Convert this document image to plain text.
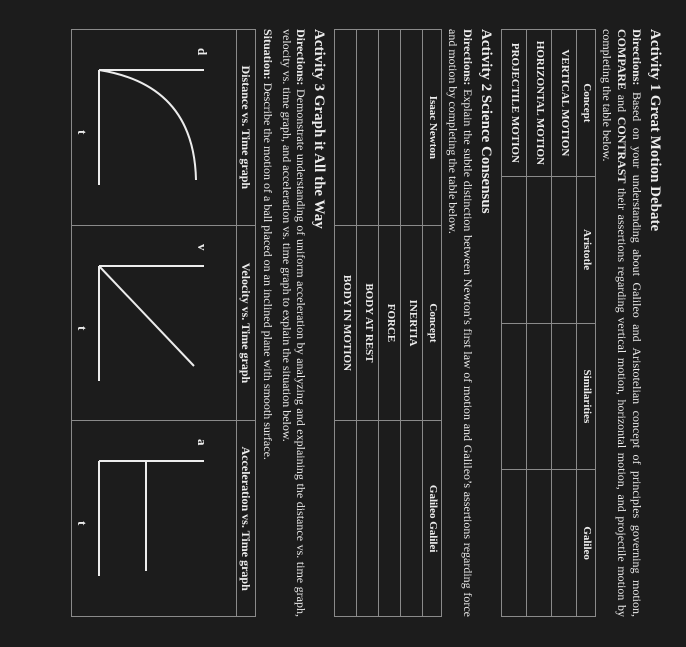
Activity 1 Great Motion Debate

Directions: Based on your understanding about Galileo and Aristotelian concept of principles governing motion, COMPARE and CONTRAST their assertions regarding vertical motion, horizontal motion, and projectile motion by completing the table below.

Concept	Aristotle	Similarities	Galileo
VERTICAL MOTION			
HORIZONTAL MOTION			
PROJECTILE MOTION			
Activity 2 Science Consensus

Directions: Explain the subtle distinction between Newton’s first law of motion and Galileo’s assertions regarding force and motion by completing the table below.

Isaac Newton	Concept	Galileo Galilei
	INERTIA	
	FORCE	
	BODY AT REST	
	BODY IN MOTION	
Activity 3 Graph it All the Way

Directions: Demonstrate understanding of uniform acceleration by analyzing and explaining the distance vs. time graph, velocity vs. time graph, and acceleration vs. time graph to explain the situation below.

Situation: Describe the motion of a ball placed on an inclined plane with smooth surface.

Distance vs. Time graph	Velocity vs. Time graph	Acceleration vs. Time graph

d
t	v
t	a
t
